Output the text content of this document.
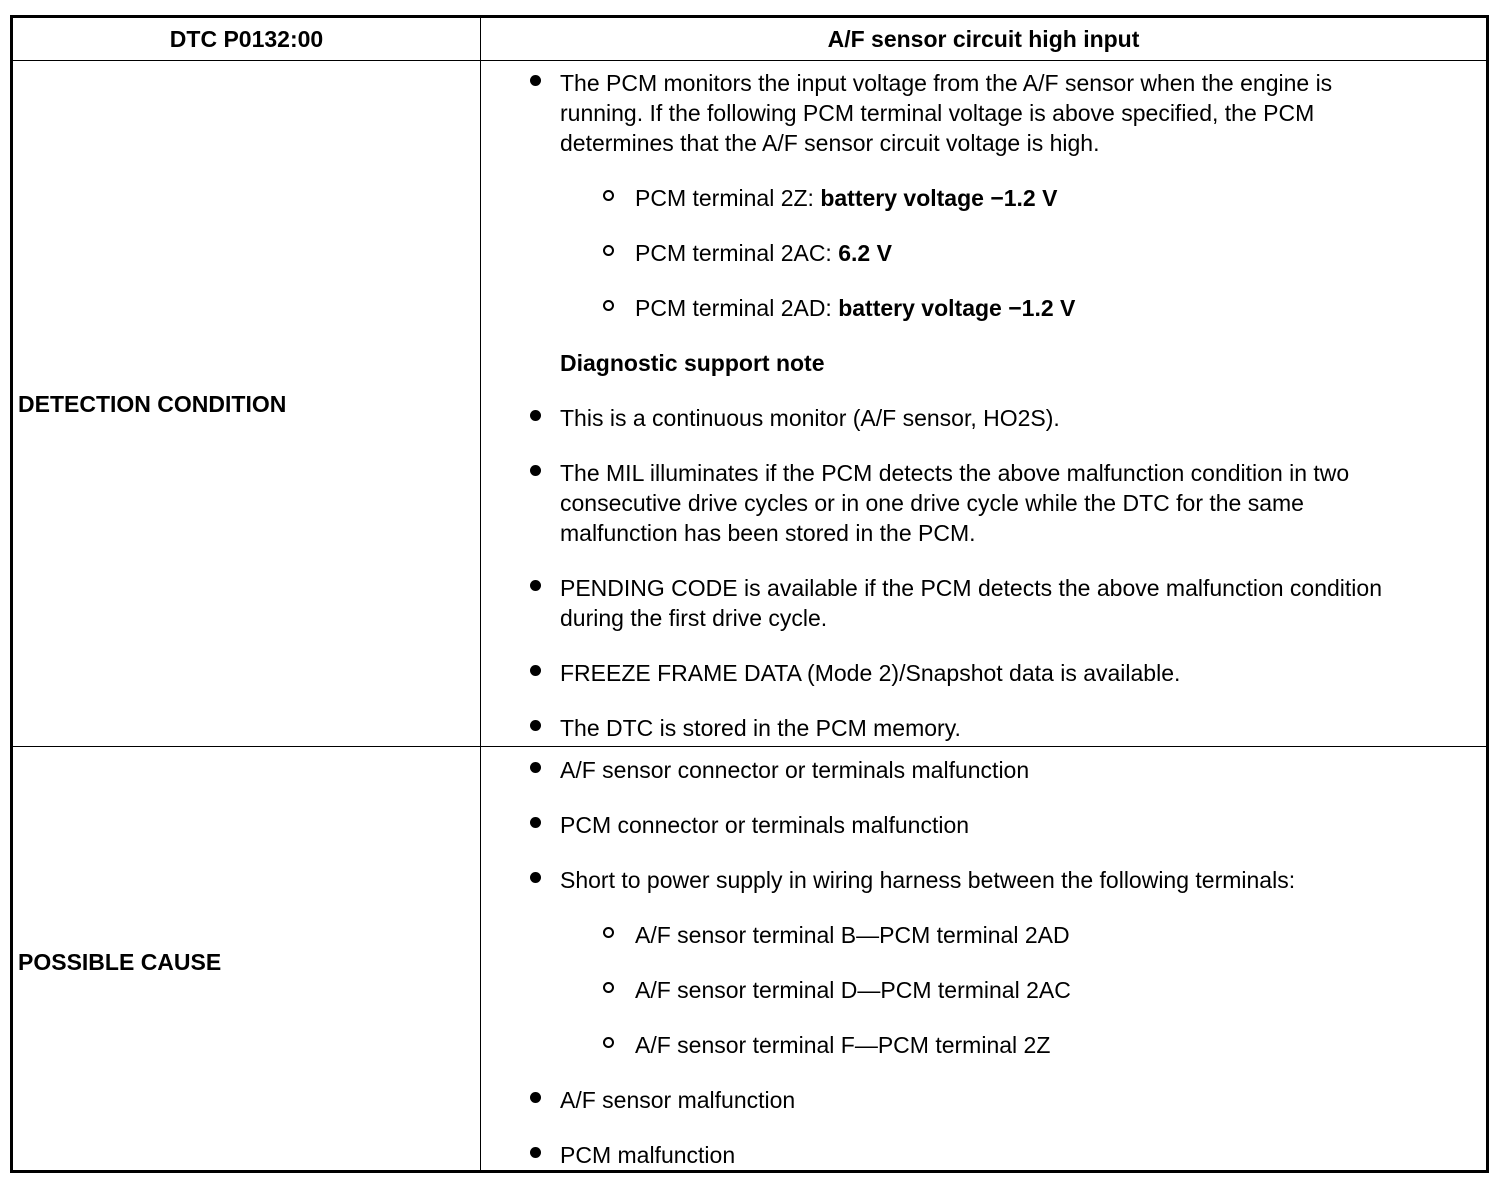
DTC P0132:00	A/F sensor circuit high input
DETECTION CONDITION
POSSIBLE CAUSE
The PCM monitors the input voltage from the A/F sensor when the engine is
running. If the following PCM terminal voltage is above specified, the PCM
determines that the A/F sensor circuit voltage is high.
PCM terminal 2Z: battery voltage −1.2 V
PCM terminal 2AC: 6.2 V
PCM terminal 2AD: battery voltage −1.2 V
Diagnostic support note
This is a continuous monitor (A/F sensor, HO2S).
The MIL illuminates if the PCM detects the above malfunction condition in two
consecutive drive cycles or in one drive cycle while the DTC for the same
malfunction has been stored in the PCM.
PENDING CODE is available if the PCM detects the above malfunction condition
during the first drive cycle.
FREEZE FRAME DATA (Mode 2)/Snapshot data is available.
The DTC is stored in the PCM memory.
A/F sensor connector or terminals malfunction
PCM connector or terminals malfunction
Short to power supply in wiring harness between the following terminals:
A/F sensor terminal B—PCM terminal 2AD
A/F sensor terminal D—PCM terminal 2AC
A/F sensor terminal F—PCM terminal 2Z
A/F sensor malfunction
PCM malfunction
